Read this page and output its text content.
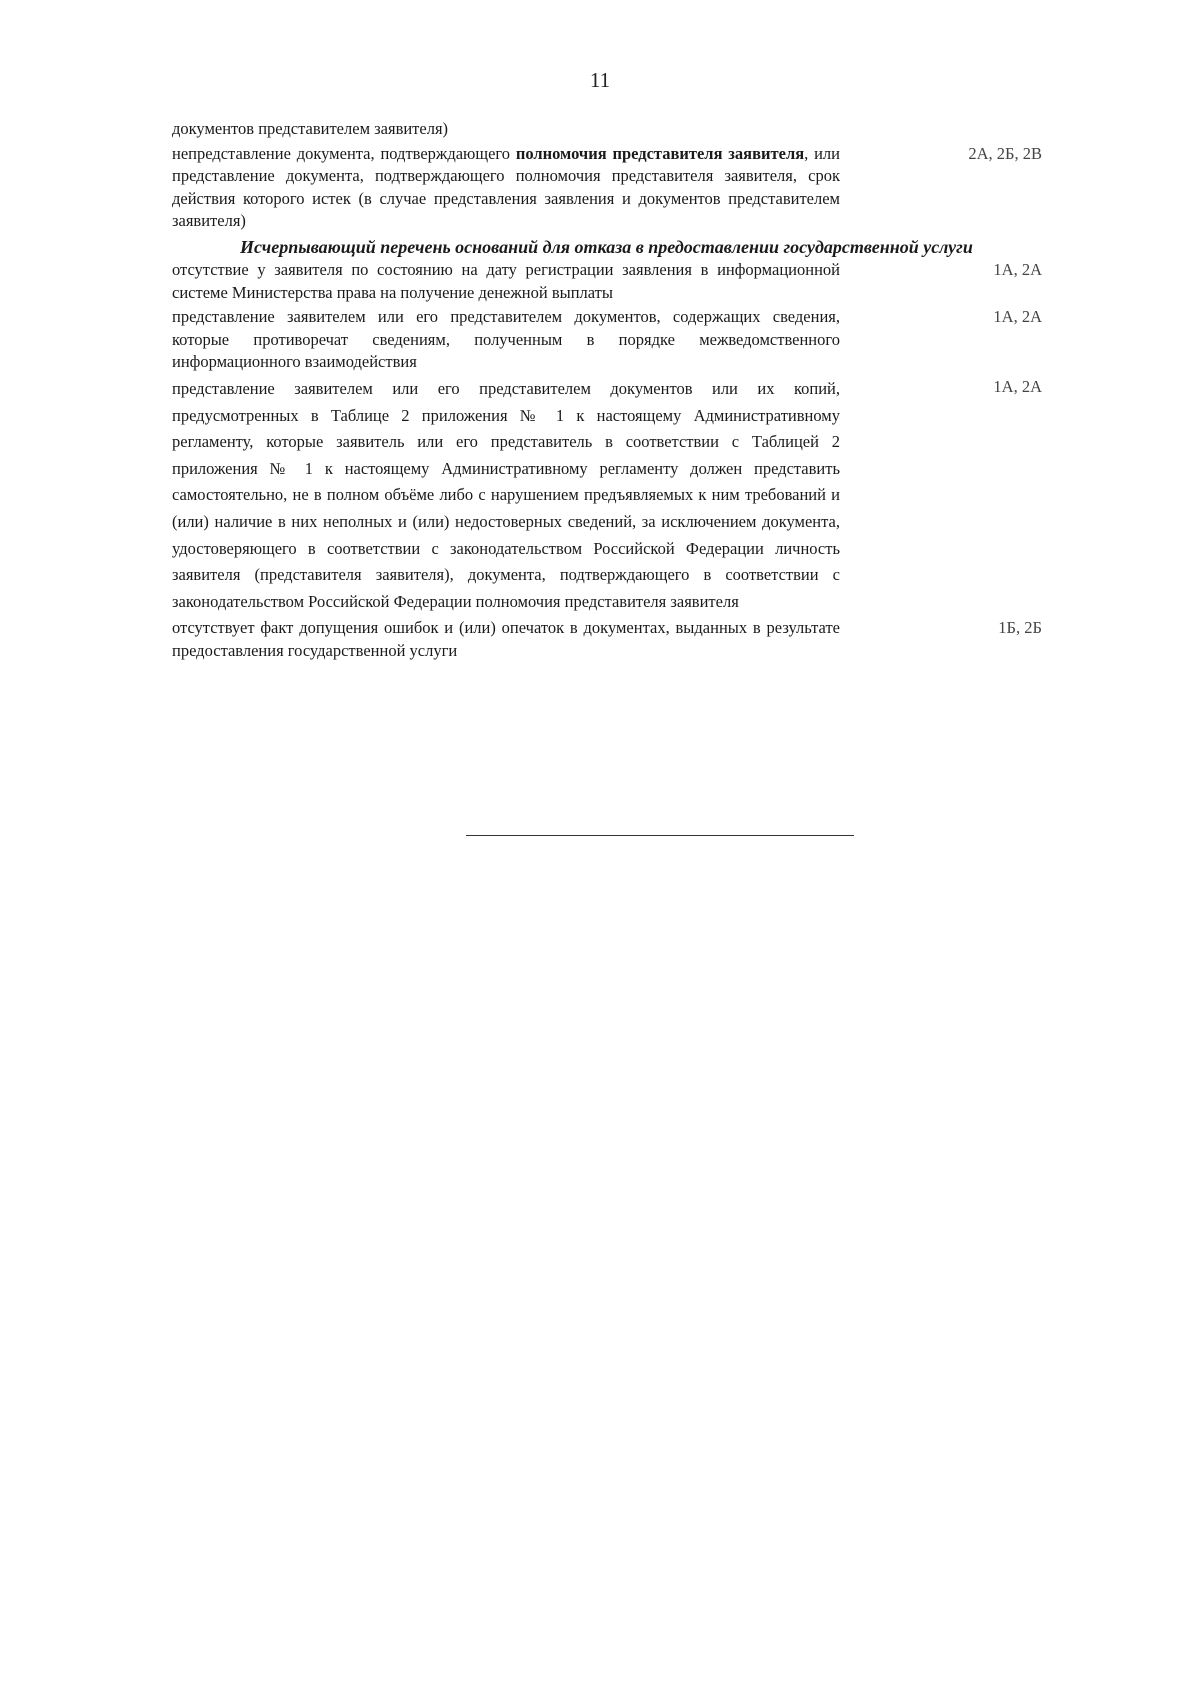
11
документов представителем заявителя)
непредставление документа, подтверждающего полномочия представителя заявителя, или представление документа, подтверждающего полномочия представителя заявителя, срок действия которого истек (в случае представления заявления и документов представителем заявителя)
2А, 2Б, 2В
Исчерпывающий перечень оснований для отказа в предоставлении государственной услуги
отсутствие у заявителя по состоянию на дату регистрации заявления в информационной системе Министерства права на получение денежной выплаты
1А, 2А
представление заявителем или его представителем документов, содержащих сведения, которые противоречат сведениям, полученным в порядке межведомственного информационного взаимодействия
1А, 2А
представление заявителем или его представителем документов или их копий, предусмотренных в Таблице 2 приложения № 1 к настоящему Административному регламенту, которые заявитель или его представитель в соответствии с Таблицей 2 приложения № 1 к настоящему Административному регламенту должен представить самостоятельно, не в полном объёме либо с нарушением предъявляемых к ним требований и (или) наличие в них неполных и (или) недостоверных сведений, за исключением документа, удостоверяющего в соответствии с законодательством Российской Федерации личность заявителя (представителя заявителя), документа, подтверждающего в соответствии с законодательством Российской Федерации полномочия представителя заявителя
1А, 2А
отсутствует факт допущения ошибок и (или) опечаток в документах, выданных в результате предоставления государственной услуги
1Б, 2Б
